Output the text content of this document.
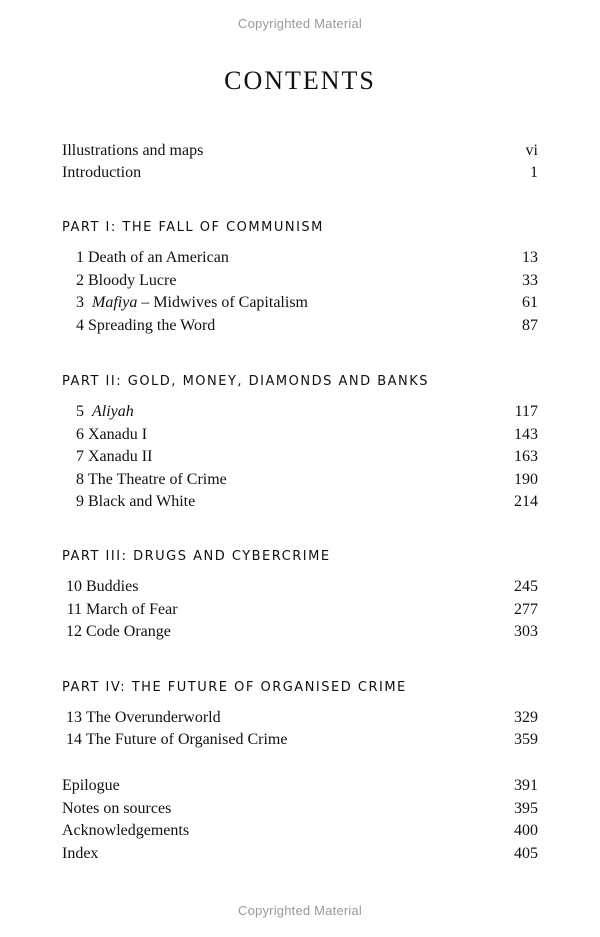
Copyrighted Material
CONTENTS
Illustrations and maps	vi
Introduction	1
PART I: THE FALL OF COMMUNISM
1 Death of an American	13
2 Bloody Lucre	33
3 Mafiya – Midwives of Capitalism	61
4 Spreading the Word	87
PART II: GOLD, MONEY, DIAMONDS AND BANKS
5 Aliyah	117
6 Xanadu I	143
7 Xanadu II	163
8 The Theatre of Crime	190
9 Black and White	214
PART III: DRUGS AND CYBERCRIME
10 Buddies	245
11 March of Fear	277
12 Code Orange	303
PART IV: THE FUTURE OF ORGANISED CRIME
13 The Overunderworld	329
14 The Future of Organised Crime	359
Epilogue	391
Notes on sources	395
Acknowledgements	400
Index	405
Copyrighted Material
